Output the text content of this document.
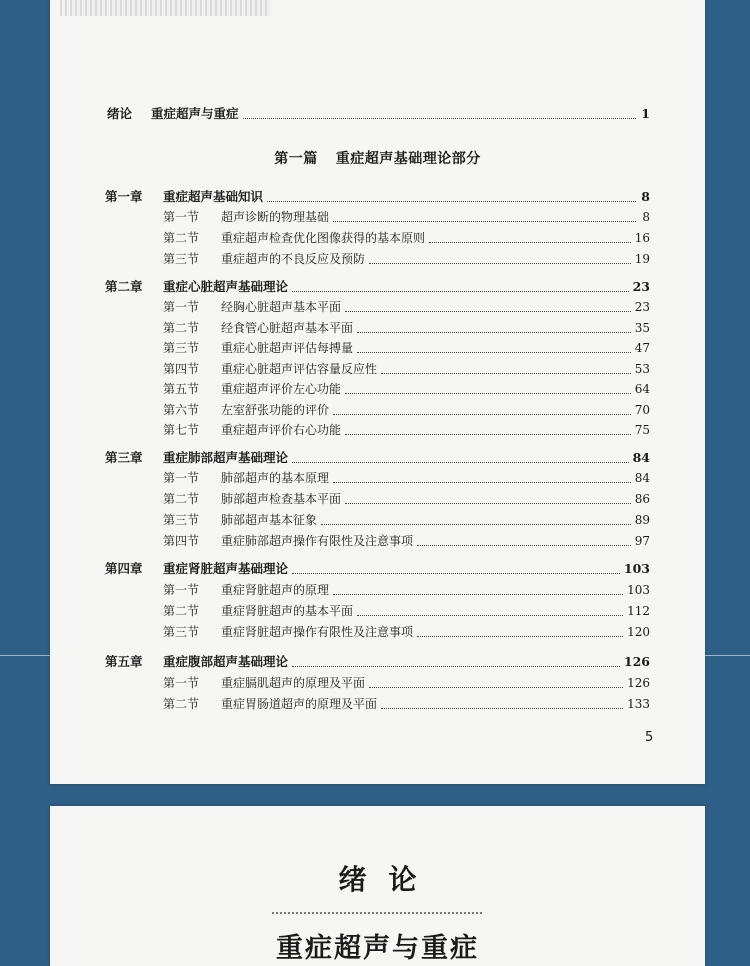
绪论 重症超声与重症	1
第一篇 重症超声基础理论部分
第一章	重症超声基础知识	8
第一节	超声诊断的物理基础	8
第二节	重症超声检查优化图像获得的基本原则	16
第三节	重症超声的不良反应及预防	19
第二章	重症心脏超声基础理论	23
第一节	经胸心脏超声基本平面	23
第二节	经食管心脏超声基本平面	35
第三节	重症心脏超声评估每搏量	47
第四节	重症心脏超声评估容量反应性	53
第五节	重症超声评价左心功能	64
第六节	左室舒张功能的评价	70
第七节	重症超声评价右心功能	75
第三章	重症肺部超声基础理论	84
第一节	肺部超声的基本原理	84
第二节	肺部超声检查基本平面	86
第三节	肺部超声基本征象	89
第四节	重症肺部超声操作有限性及注意事项	97
第四章	重症肾脏超声基础理论	103
第一节	重症肾脏超声的原理	103
第二节	重症肾脏超声的基本平面	112
第三节	重症肾脏超声操作有限性及注意事项	120
第五章	重症腹部超声基础理论	126
第一节	重症膈肌超声的原理及平面	126
第二节	重症胃肠道超声的原理及平面	133
5
绪论
重症超声与重症
